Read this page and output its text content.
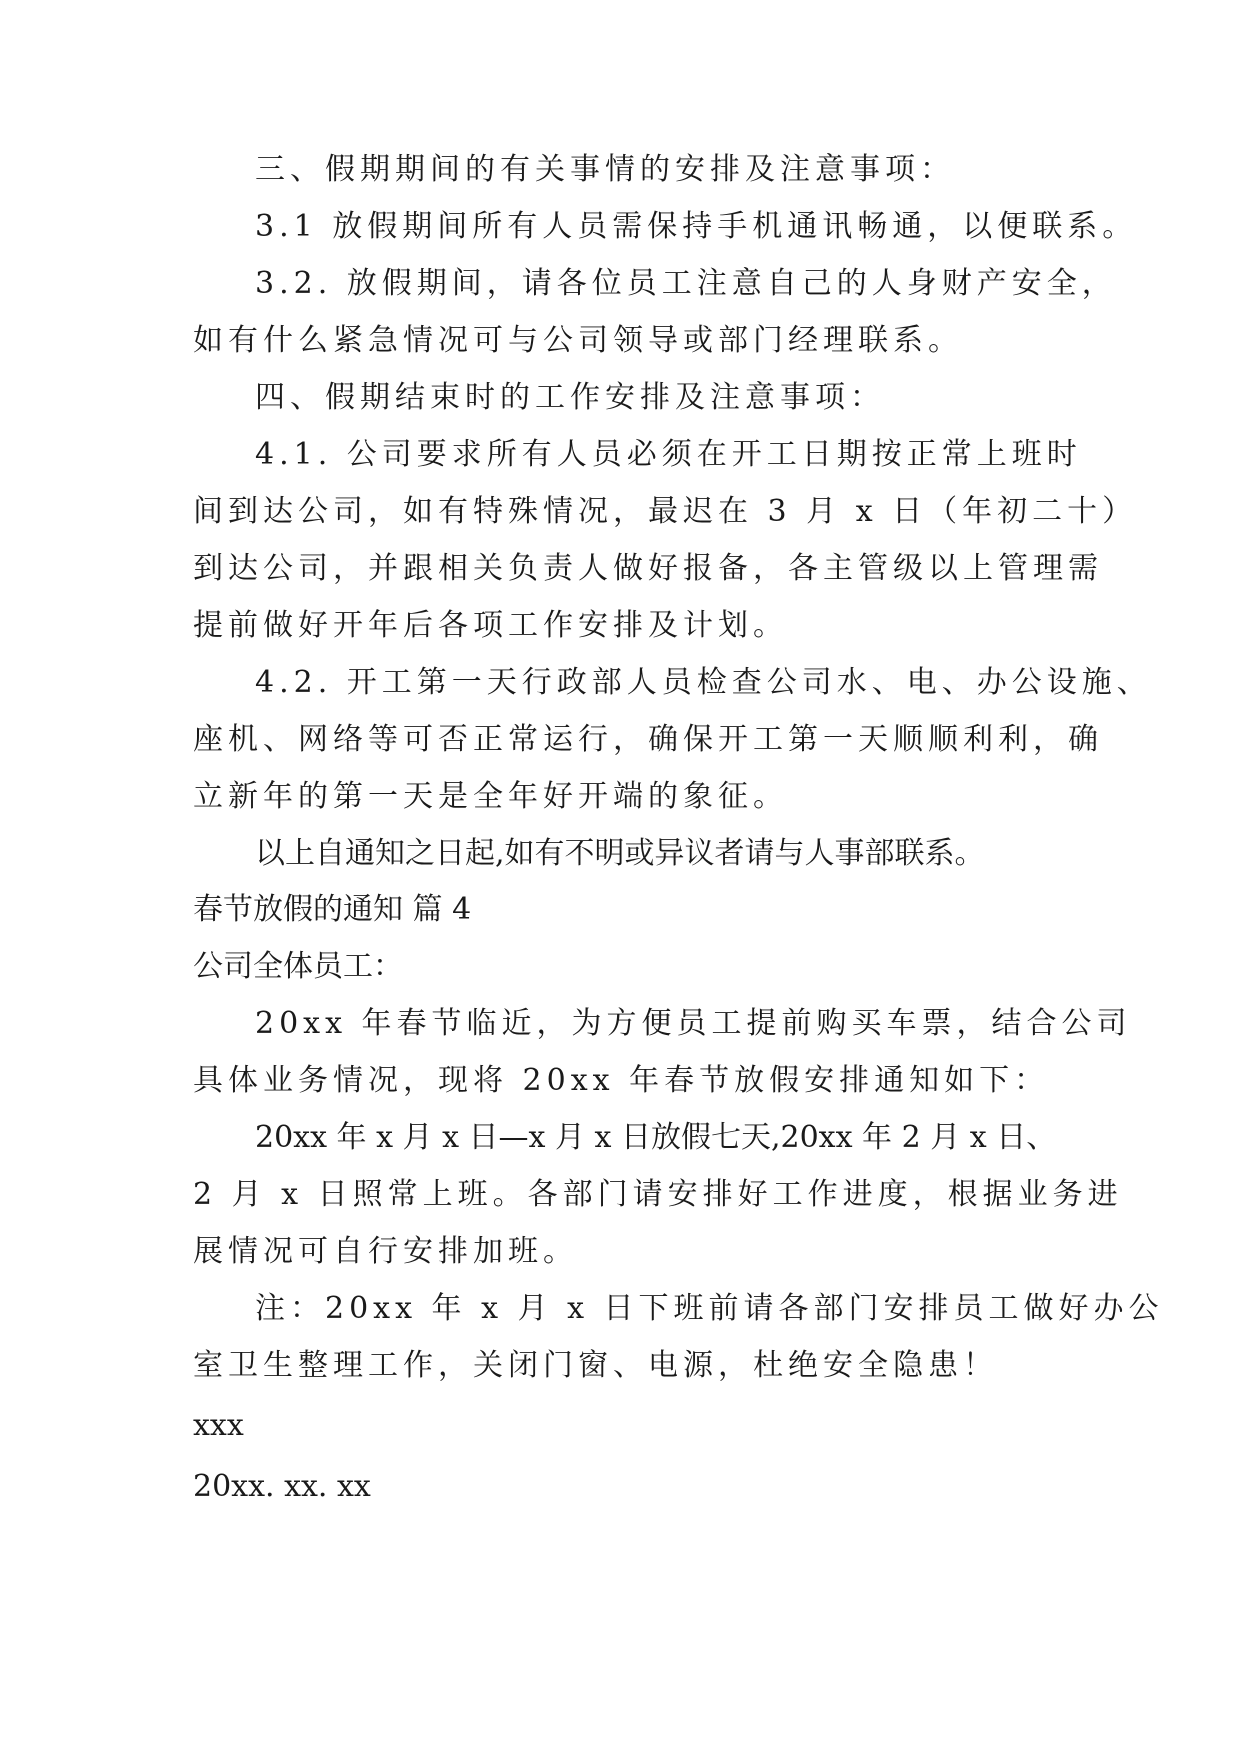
三、假期期间的有关事情的安排及注意事项：
3.1 放假期间所有人员需保持手机通讯畅通，以便联系。
3.2. 放假期间，请各位员工注意自己的人身财产安全，
如有什么紧急情况可与公司领导或部门经理联系。
四、假期结束时的工作安排及注意事项：
4.1. 公司要求所有人员必须在开工日期按正常上班时
间到达公司，如有特殊情况，最迟在 3 月 x 日（年初二十）
到达公司，并跟相关负责人做好报备，各主管级以上管理需
提前做好开年后各项工作安排及计划。
4.2. 开工第一天行政部人员检查公司水、电、办公设施、
座机、网络等可否正常运行，确保开工第一天顺顺利利，确
立新年的第一天是全年好开端的象征。
以上自通知之日起,如有不明或异议者请与人事部联系。
春节放假的通知 篇 4
公司全体员工：
20xx 年春节临近，为方便员工提前购买车票，结合公司
具体业务情况，现将 20xx 年春节放假安排通知如下：
20xx 年 x 月 x 日—x 月 x 日放假七天,20xx 年 2 月 x 日、
2 月 x 日照常上班。各部门请安排好工作进度，根据业务进
展情况可自行安排加班。
注：20xx 年 x 月 x 日下班前请各部门安排员工做好办公
室卫生整理工作，关闭门窗、电源，杜绝安全隐患！
xxx
20xx. xx. xx
